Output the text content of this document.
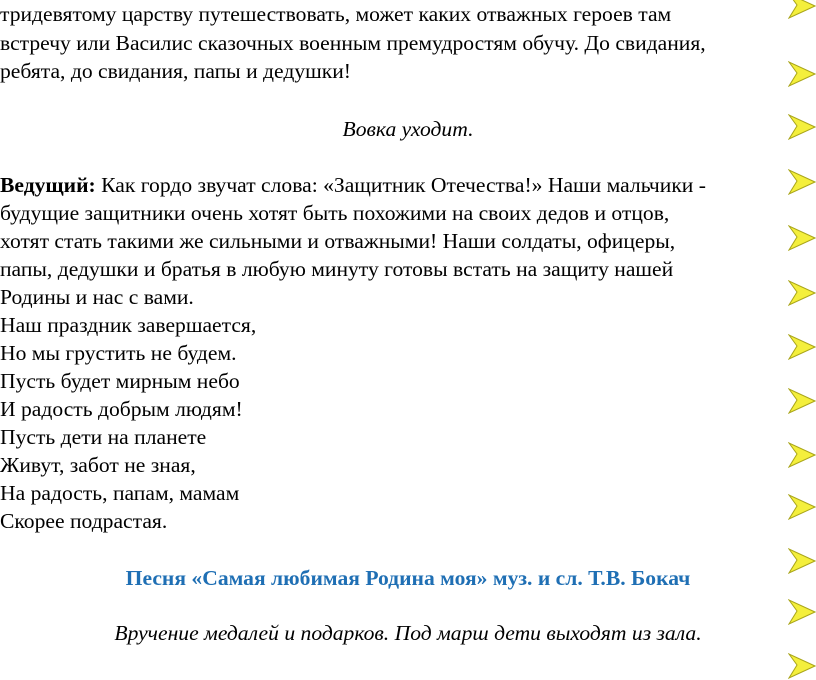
тридевятому царству путешествовать, может каких отважных героев там
встречу или Василис сказочных военным премудростям обучу. До свидания,
ребята, до свидания, папы и дедушки!
Вовка уходит.
Ведущий: Как гордо звучат слова: «Защитник Отечества!» Наши мальчики -
будущие защитники очень хотят быть похожими на своих дедов и отцов,
хотят стать такими же сильными и отважными! Наши солдаты, офицеры,
папы, дедушки и братья в любую минуту готовы встать на защиту нашей
Родины и нас с вами.
Наш праздник завершается,
Но мы грустить не будем.
Пусть будет мирным небо
И радость добрым людям!
Пусть дети на планете
Живут, забот не зная,
На радость, папам, мамам
Скорее подрастая.
Песня «Самая любимая Родина моя» муз. и сл. Т.В. Бокач
Вручение медалей и подарков. Под марш дети выходят из зала.
